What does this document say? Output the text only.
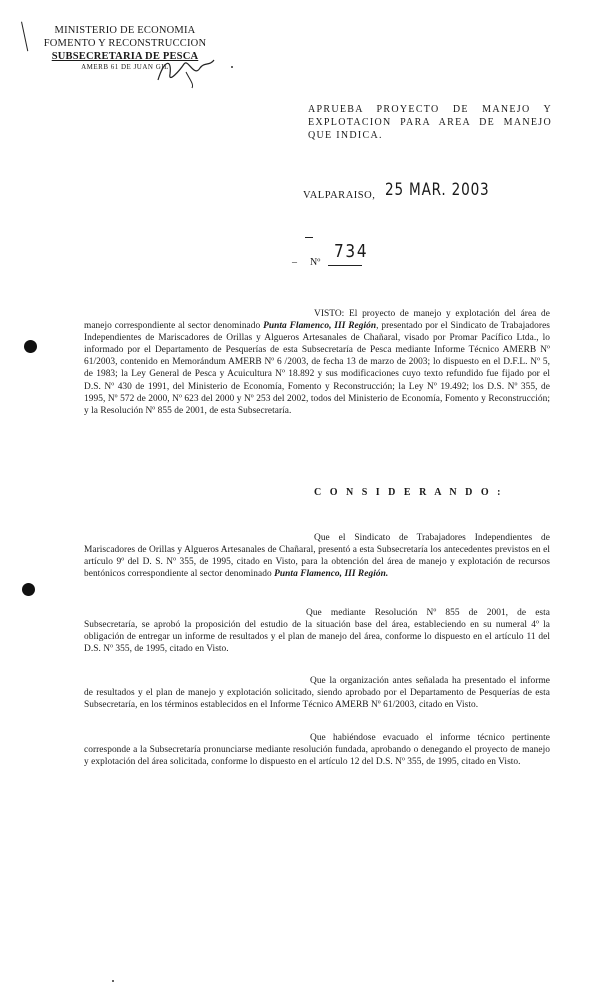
MINISTERIO DE ECONOMIA
FOMENTO Y RECONSTRUCCION
SUBSECRETARIA DE PESCA
AMERB 61 DE JUAN GIL
APRUEBA PROYECTO DE MANEJO Y EXPLOTACION PARA AREA DE MANEJO QUE INDICA.
VALPARAISO, 25 MAR. 2003
– Nº
734
VISTO: El proyecto de manejo y explotación del área de manejo correspondiente al sector denominado Punta Flamenco, III Región, presentado por el Sindicato de Trabajadores Independientes de Mariscadores de Orillas y Algueros Artesanales de Chañaral, visado por Promar Pacífico Ltda., lo informado por el Departamento de Pesquerías de esta Subsecretaría de Pesca mediante Informe Técnico AMERB Nº 61/2003, contenido en Memorándum AMERB Nº 6 /2003, de fecha 13 de marzo de 2003; lo dispuesto en el D.F.L. Nº 5, de 1983; la Ley General de Pesca y Acuicultura Nº 18.892 y sus modificaciones cuyo texto refundido fue fijado por el D.S. Nº 430 de 1991, del Ministerio de Economía, Fomento y Reconstrucción; la Ley Nº 19.492; los D.S. Nº 355, de 1995, Nº 572 de 2000, Nº 623 del 2000 y Nº 253 del 2002, todos del Ministerio de Economía, Fomento y Reconstrucción; y la Resolución Nº 855 de 2001, de esta Subsecretaría.
C O N S I D E R A N D O :
Que el Sindicato de Trabajadores Independientes de Mariscadores de Orillas y Algueros Artesanales de Chañaral, presentó a esta Subsecretaría los antecedentes previstos en el artículo 9º del D. S. Nº 355, de 1995, citado en Visto, para la obtención del área de manejo y explotación de recursos bentónicos correspondiente al sector denominado Punta Flamenco, III Región.
Que mediante Resolución Nº 855 de 2001, de esta Subsecretaría, se aprobó la proposición del estudio de la situación base del área, estableciendo en su numeral 4º la obligación de entregar un informe de resultados y el plan de manejo del área, conforme lo dispuesto en el artículo 11 del D.S. Nº 355, de 1995, citado en Visto.
Que la organización antes señalada ha presentado el informe de resultados y el plan de manejo y explotación solicitado, siendo aprobado por el Departamento de Pesquerías de esta Subsecretaría, en los términos establecidos en el Informe Técnico AMERB Nº 61/2003, citado en Visto.
Que habiéndose evacuado el informe técnico pertinente corresponde a la Subsecretaría pronunciarse mediante resolución fundada, aprobando o denegando el proyecto de manejo y explotación del área solicitada, conforme lo dispuesto en el artículo 12 del D.S. Nº 355, de 1995, citado en Visto.
